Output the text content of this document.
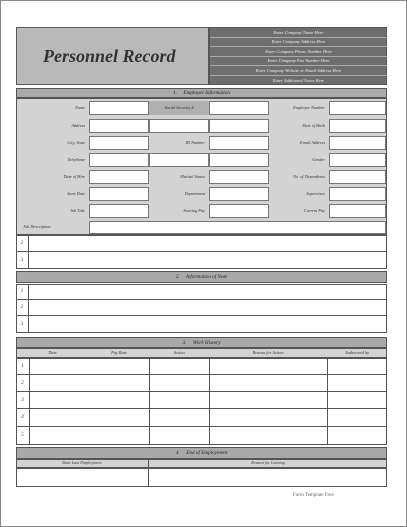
Personnel Record
Enter Company Name Here
Enter Company Address Here
Enter Company Phone Number Here
Enter Company Fax Number Here
Enter Company Website or Email Address Here
Enter Additional Notes Here
1.     Employee Information
Name	Social Security #	Employee Number
Address	Date of Birth
City, State	ID Number	Email Address
Telephone	Gender
Date of Hire	Marital Status	No. of Dependents
Start Date	Department	Supervisor
Job Title	Starting Pay	Current Pay
Job Description
2
3
2.     Information of Note
1
2
3
3.     Work History
Date	Pay Rate	Action	Reason for Action	Authorized by
1
2
3
4
5
4.     End of Employment
Date Last Employment	Reason for Leaving
Form Template Free
